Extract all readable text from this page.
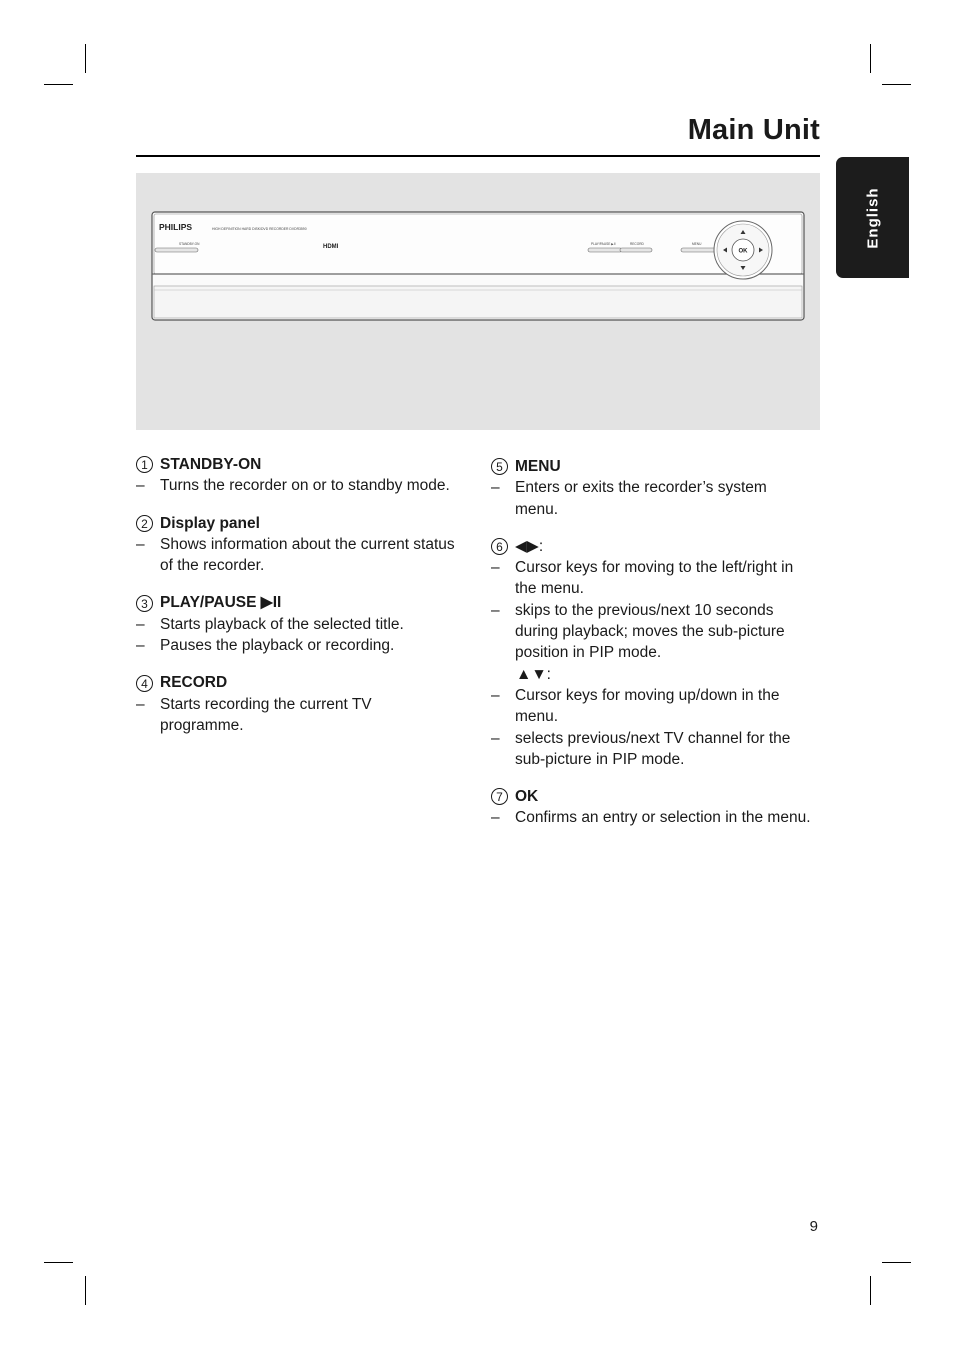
Main Unit
English
PHILIPS	HIGH DEFINITION HARD DISK/DVD RECORDER DVDR3590
HDMI
STANDBY-ON	PLAY/PAUSE ▶II	RECORD	MENU
OK
1 STANDBY-ON
– Turns the recorder on or to standby mode.
2 Display panel
– Shows information about the current status of the recorder.
3 PLAY/PAUSE ▶II
– Starts playback of the selected title.
– Pauses the playback or recording.
4 RECORD
– Starts recording the current TV programme.
5 MENU
– Enters or exits the recorder’s system menu.
6 ◀▶:
– Cursor keys for moving to the left/right in the menu.
– skips to the previous/next 10 seconds during playback; moves the sub-picture position in PIP mode.
▲▼:
– Cursor keys for moving up/down in the menu.
– selects previous/next TV channel for the sub-picture in PIP mode.
7 OK
– Confirms an entry or selection in the menu.
9
